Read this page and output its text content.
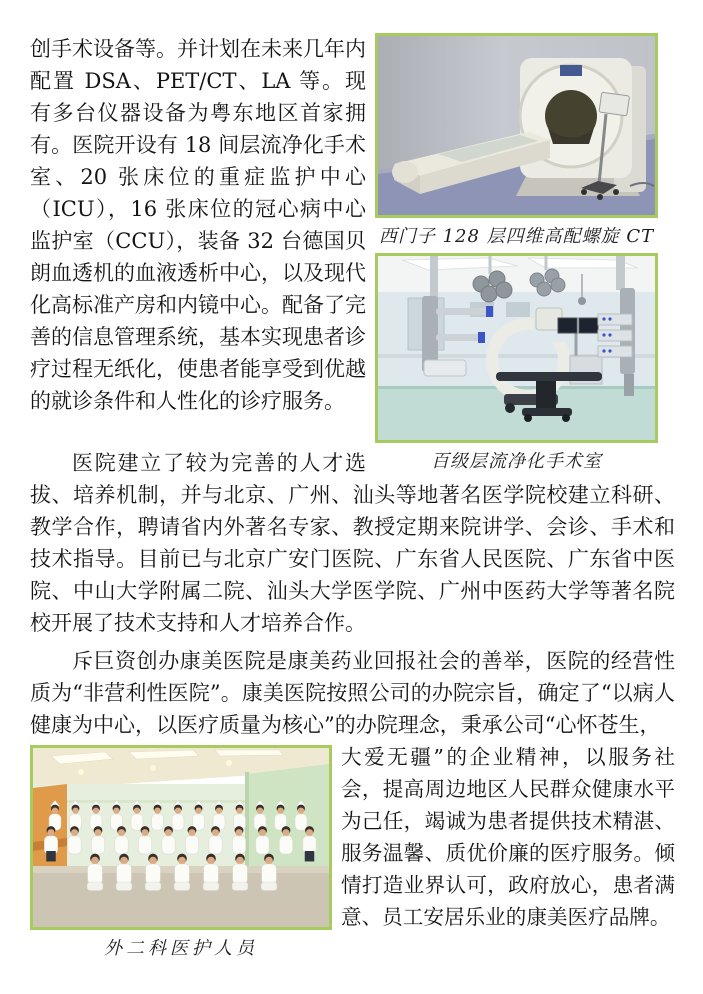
西门子 128 层四维高配螺旋 CT
百级层流净化手术室

创手术设备等。并计划在未来几年内配置 DSA、PET/CT、LA 等。现有多台仪器设备为粤东地区首家拥有。医院开设有 18 间层流净化手术室、20 张床位的重症监护中心（ICU），16 张床位的冠心病中心监护室（CCU），装备 32 台德国贝朗血透机的血液透析中心，以及现代化高标准产房和内镜中心。配备了完善的信息管理系统，基本实现患者诊疗过程无纸化，使患者能享受到优越的就诊条件和人性化的诊疗服务。

医院建立了较为完善的人才选拔、培养机制，并与北京、广州、汕头等地著名医学院校建立科研、教学合作，聘请省内外著名专家、教授定期来院讲学、会诊、手术和技术指导。目前已与北京广安门医院、广东省人民医院、广东省中医院、中山大学附属二院、汕头大学医学院、广州中医药大学等著名院校开展了技术支持和人才培养合作。

斥巨资创办康美医院是康美药业回报社会的善举，医院的经营性质为“非营利性医院”。康美医院按照公司的办院宗旨，确定了“以病人健康为中心，以医疗质量为核心”的办院理念，秉承公司“心怀苍生，

外二科医护人员

大爱无疆”的企业精神，以服务社会，提高周边地区人民群众健康水平为己任，竭诚为患者提供技术精湛、服务温馨、质优价廉的医疗服务。倾情打造业界认可，政府放心，患者满意、员工安居乐业的康美医疗品牌。
